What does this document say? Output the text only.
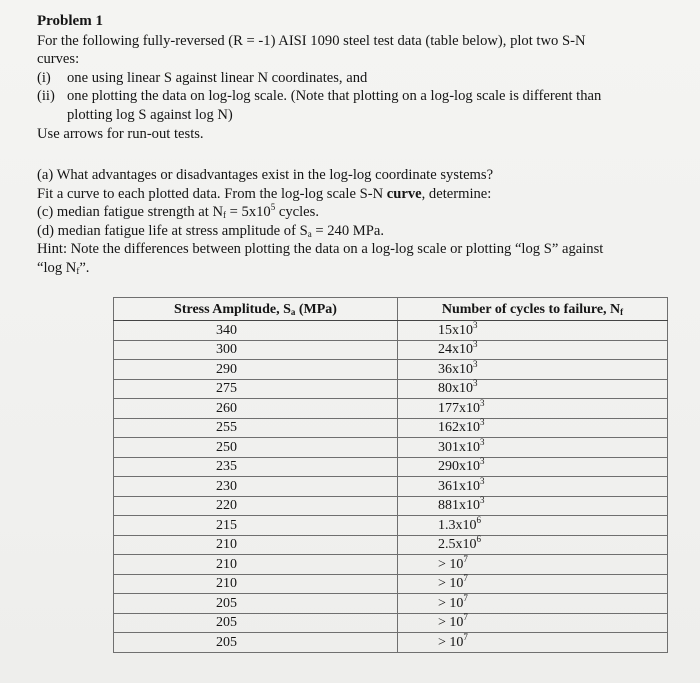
Problem 1
For the following fully-reversed (R = -1) AISI 1090 steel test data (table below), plot two S-N
curves:
(i)	one using linear S against linear N coordinates, and
(ii) one plotting the data on log-log scale. (Note that plotting on a log-log scale is different than
plotting log S against log N)
Use arrows for run-out tests.
(a) What advantages or disadvantages exist in the log-log coordinate systems?
Fit a curve to each plotted data. From the log-log scale S-N curve, determine:
(c) median fatigue strength at $N_f = 5x10^5$ cycles.
(d) median fatigue life at stress amplitude of $S_a = 240$ MPa.
Hint: Note the differences between plotting the data on a log-log scale or plotting “log S” against
“log $N_f$”.
Stress Amplitude, $S_a$ (MPa)	Number of cycles to failure, $N_f$
340	$15x10^3$
300	$24x10^3$
290	$36x10^3$
275	$80x10^3$
260	$177x10^3$
255	$162x10^3$
250	$301x10^3$
235	$290x10^3$
230	$361x10^3$
220	$881x10^3$
215	$1.3x10^6$
210	$2.5x10^6$
210	> $10^7$
210	> $10^7$
205	> $10^7$
205	> $10^7$
205	> $10^7$
